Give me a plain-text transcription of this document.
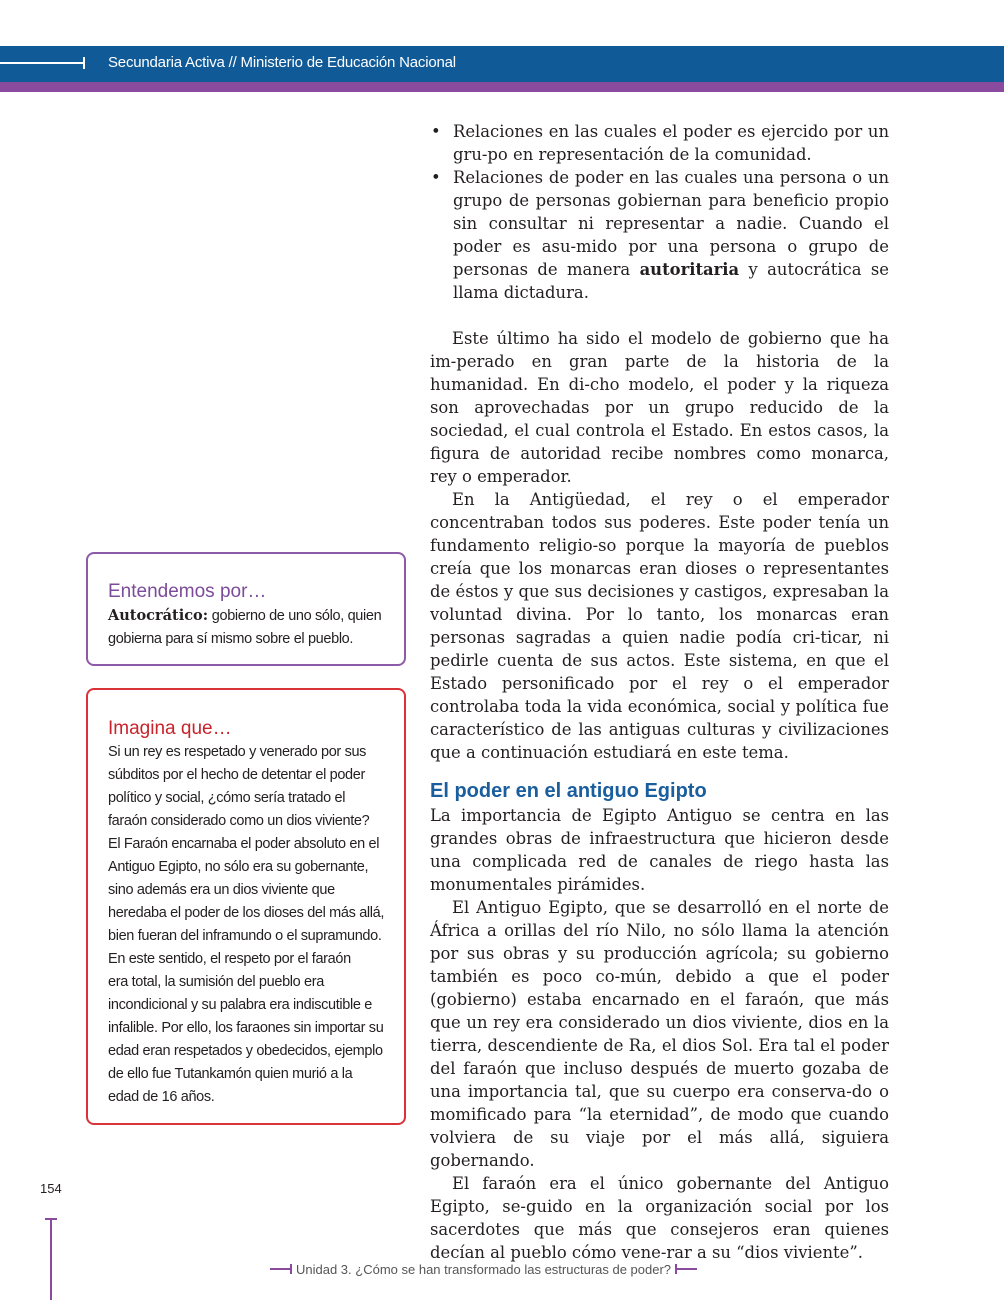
Secundaria Activa // Ministerio de Educación Nacional
• Relaciones en las cuales el poder es ejercido por un gru-po en representación de la comunidad.
• Relaciones de poder en las cuales una persona o un grupo de personas gobiernan para beneficio propio sin consultar ni representar a nadie. Cuando el poder es asu-mido por una persona o grupo de personas de manera autoritaria y autocrática se llama dictadura.

Este último ha sido el modelo de gobierno que ha im-perado en gran parte de la historia de la humanidad. En di-cho modelo, el poder y la riqueza son aprovechadas por un grupo reducido de la sociedad, el cual controla el Estado. En estos casos, la figura de autoridad recibe nombres como monarca, rey o emperador.

En la Antigüedad, el rey o el emperador concentraban todos sus poderes. Este poder tenía un fundamento religio-so porque la mayoría de pueblos creía que los monarcas eran dioses o representantes de éstos y que sus decisiones y castigos, expresaban la voluntad divina. Por lo tanto, los monarcas eran personas sagradas a quien nadie podía cri-ticar, ni pedirle cuenta de sus actos. Este sistema, en que el Estado personificado por el rey o el emperador controlaba toda la vida económica, social y política fue característico de las antiguas culturas y civilizaciones que a continuación estudiará en este tema.

El poder en el antiguo Egipto

La importancia de Egipto Antiguo se centra en las grandes obras de infraestructura que hicieron desde una complicada red de canales de riego hasta las monumentales pirámides.

El Antiguo Egipto, que se desarrolló en el norte de África a orillas del río Nilo, no sólo llama la atención por sus obras y su producción agrícola; su gobierno también es poco co-mún, debido a que el poder (gobierno) estaba encarnado en el faraón, que más que un rey era considerado un dios viviente, dios en la tierra, descendiente de Ra, el dios Sol. Era tal el poder del faraón que incluso después de muerto gozaba de una importancia tal, que su cuerpo era conserva-do o momificado para “la eternidad”, de modo que cuando volviera de su viaje por el más allá, siguiera gobernando.

El faraón era el único gobernante del Antiguo Egipto, se-guido en la organización social por los sacerdotes que más que consejeros eran quienes decían al pueblo cómo vene-rar a su “dios viviente”.

Entendemos por…
Autocrático: gobierno de uno sólo, quien
gobierna para sí mismo sobre el pueblo.
Imagina que…
Si un rey es respetado y venerado por sus
súbditos por el hecho de detentar el poder
político y social, ¿cómo sería tratado el
faraón considerado como un dios viviente?
El Faraón encarnaba el poder absoluto en el
Antiguo Egipto, no sólo era su gobernante,
sino además era un dios viviente que
heredaba el poder de los dioses del más allá,
bien fueran del inframundo o el supramundo.
En este sentido, el respeto por el faraón
era total, la sumisión del pueblo era
incondicional y su palabra era indiscutible e
infalible. Por ello, los faraones sin importar su
edad eran respetados y obedecidos, ejemplo
de ello fue Tutankamón quien murió a la
edad de 16 años.
154
Unidad 3. ¿Cómo se han transformado las estructuras de poder?
